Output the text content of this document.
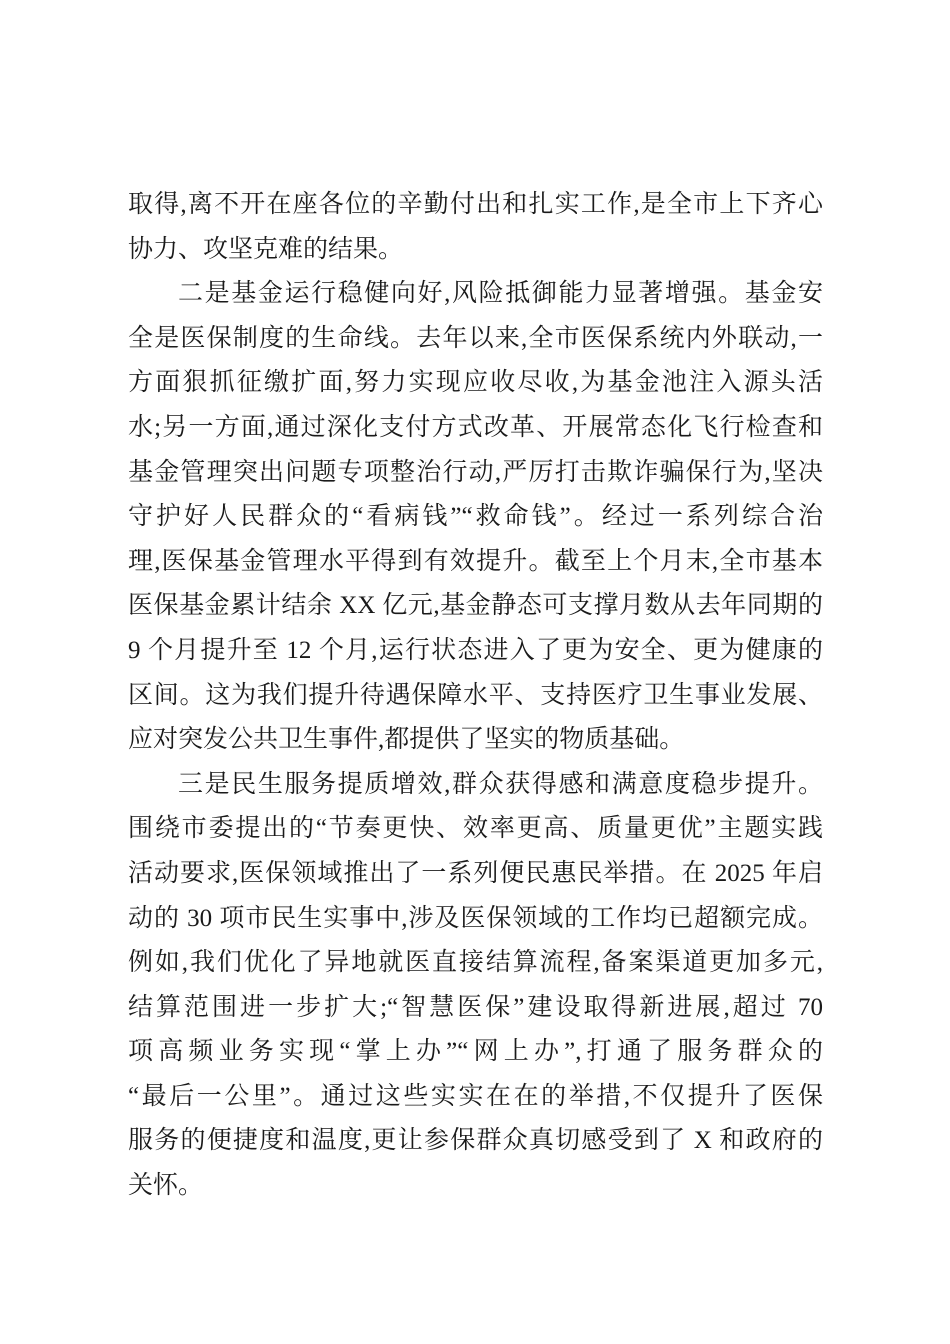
取得,离不开在座各位的辛勤付出和扎实工作,是全市上下齐心
协力、攻坚克难的结果。
二是基金运行稳健向好,风险抵御能力显著增强。基金安
全是医保制度的生命线。去年以来,全市医保系统内外联动,一
方面狠抓征缴扩面,努力实现应收尽收,为基金池注入源头活
水;另一方面,通过深化支付方式改革、开展常态化飞行检查和
基金管理突出问题专项整治行动,严厉打击欺诈骗保行为,坚决
守护好人民群众的“看病钱”“救命钱”。经过一系列综合治
理,医保基金管理水平得到有效提升。截至上个月末,全市基本
医保基金累计结余 XX 亿元,基金静态可支撑月数从去年同期的
9 个月提升至 12 个月,运行状态进入了更为安全、更为健康的
区间。这为我们提升待遇保障水平、支持医疗卫生事业发展、
应对突发公共卫生事件,都提供了坚实的物质基础。
三是民生服务提质增效,群众获得感和满意度稳步提升。
围绕市委提出的“节奏更快、效率更高、质量更优”主题实践
活动要求,医保领域推出了一系列便民惠民举措。在 2025 年启
动的 30 项市民生实事中,涉及医保领域的工作均已超额完成。
例如,我们优化了异地就医直接结算流程,备案渠道更加多元,
结算范围进一步扩大;“智慧医保”建设取得新进展,超过 70
项高频业务实现“掌上办”“网上办”,打通了服务群众的
“最后一公里”。通过这些实实在在的举措,不仅提升了医保
服务的便捷度和温度,更让参保群众真切感受到了 X 和政府的
关怀。
